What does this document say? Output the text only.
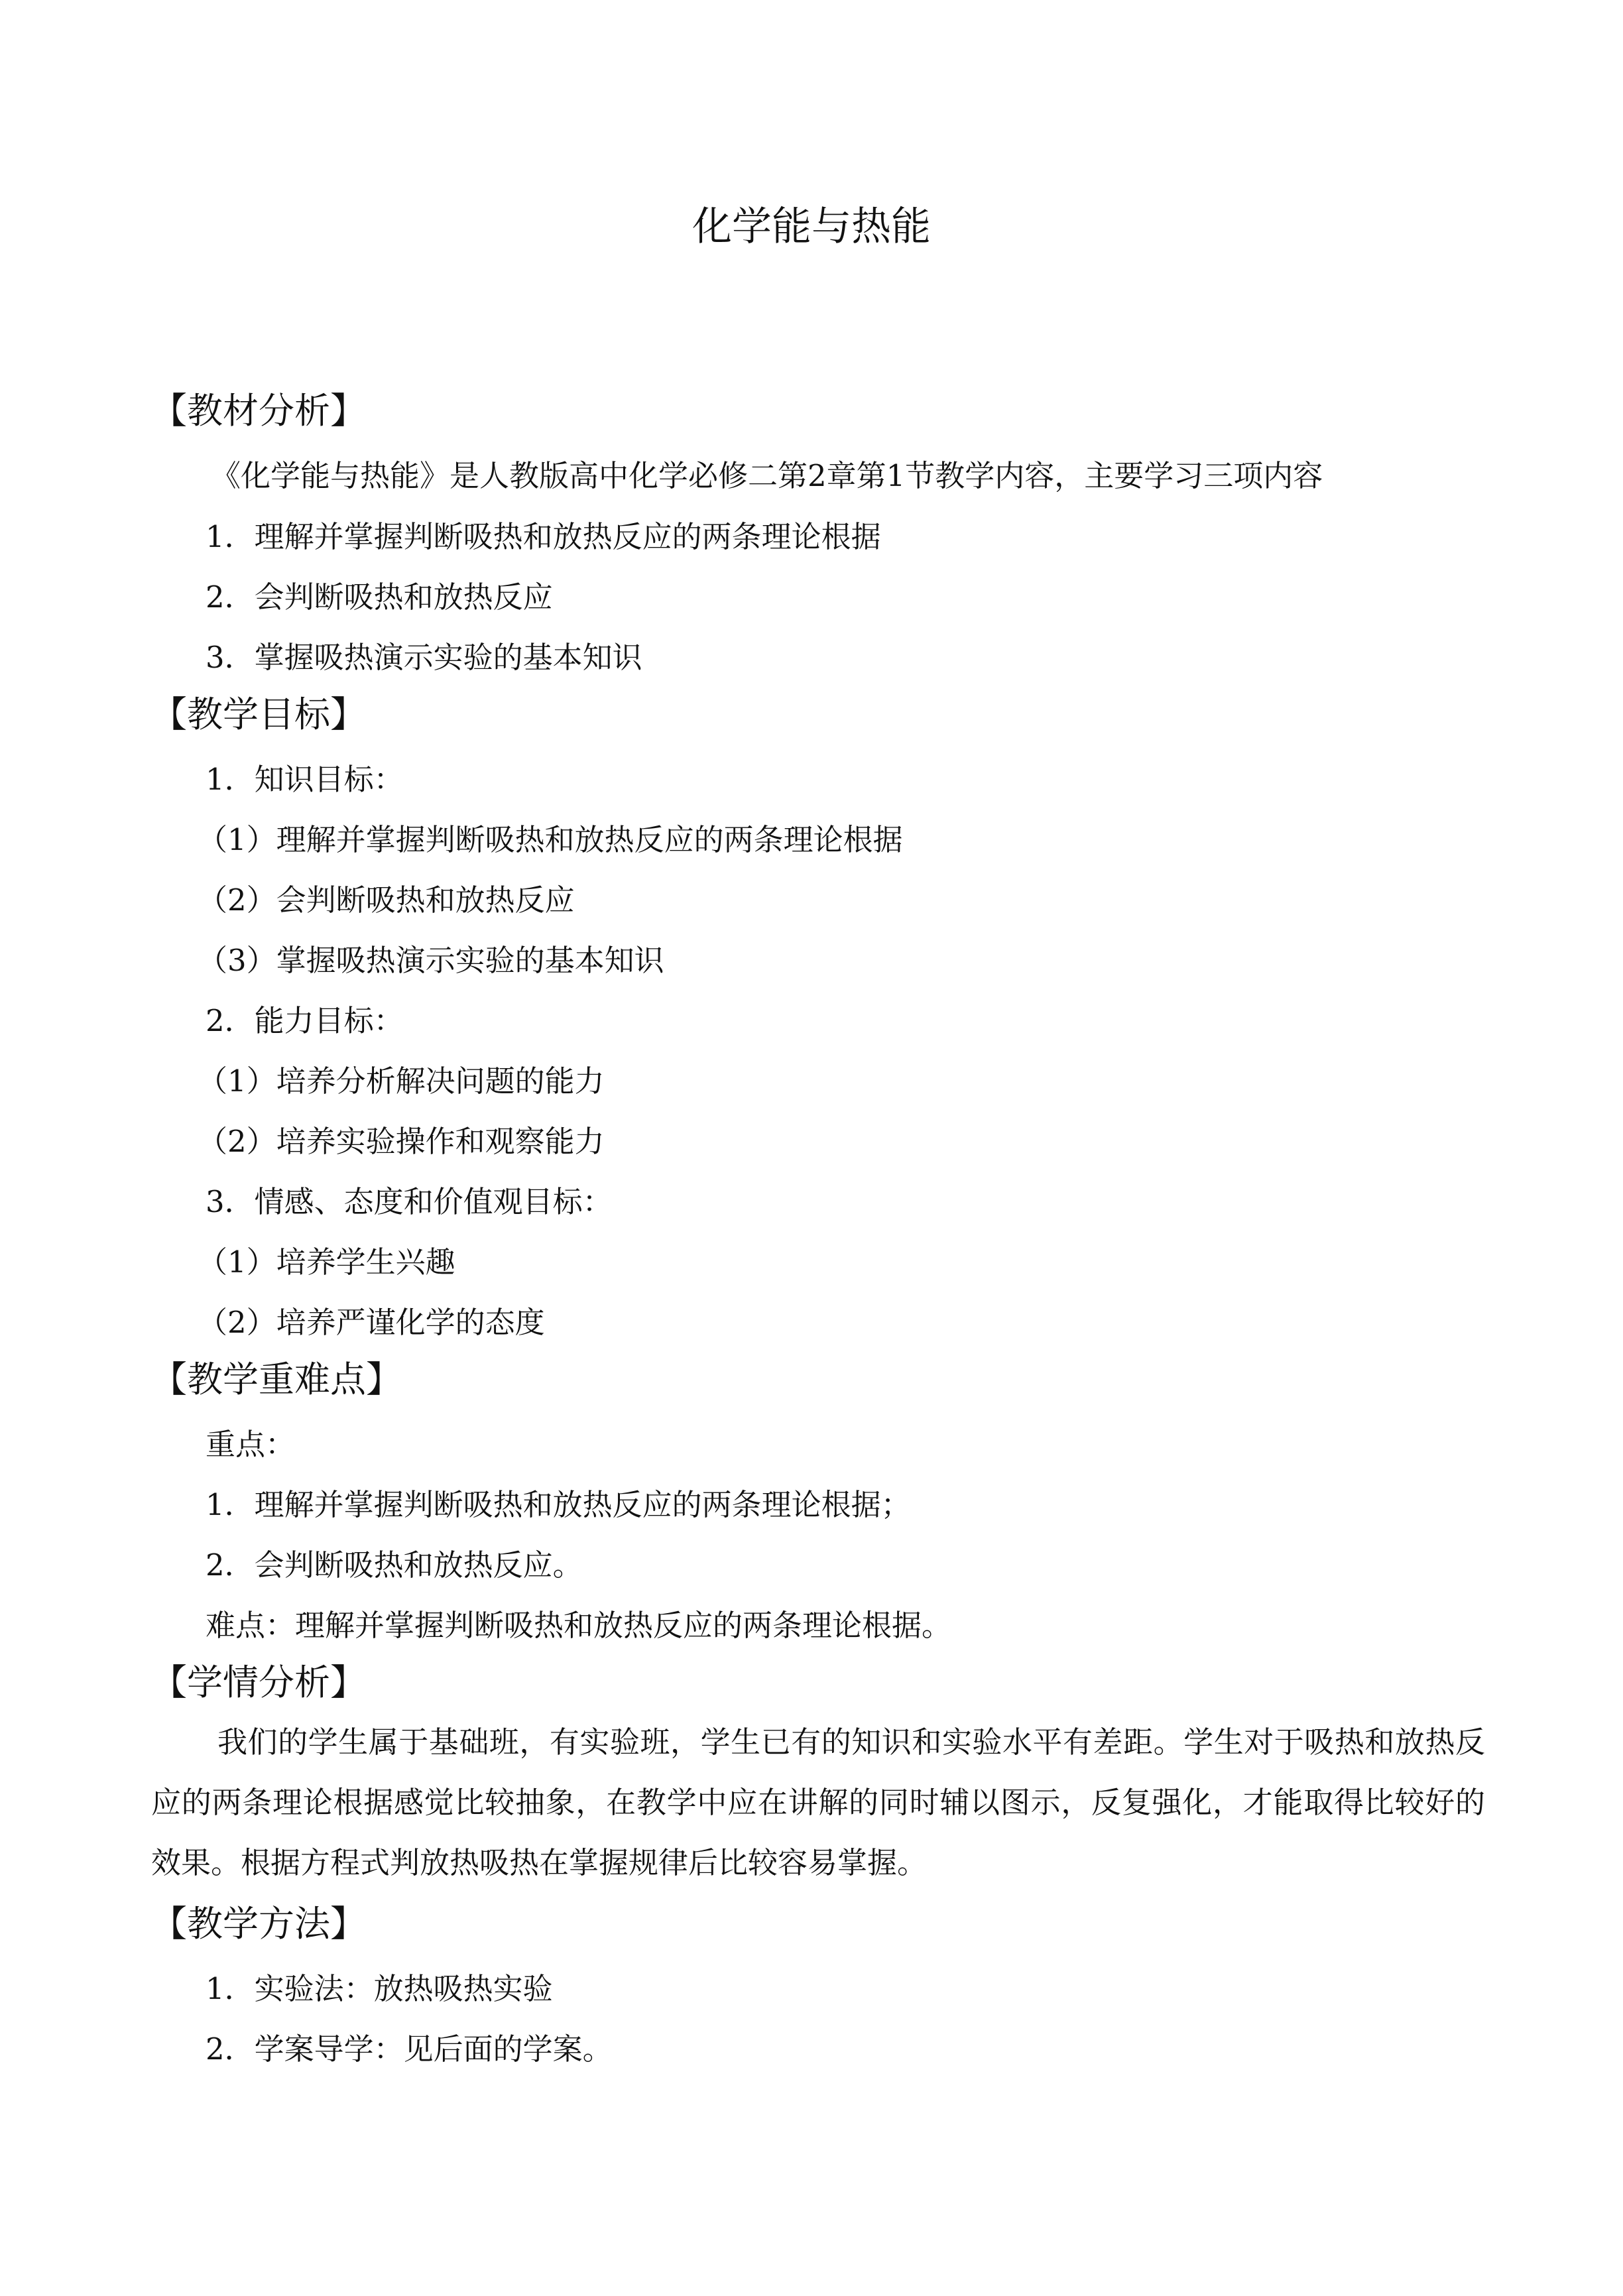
化学能与热能
【教材分析】
《化学能与热能》是人教版高中化学必修二第2章第1节教学内容，主要学习三项内容
1．理解并掌握判断吸热和放热反应的两条理论根据
2．会判断吸热和放热反应
3．掌握吸热演示实验的基本知识
【教学目标】
1．知识目标：
（1）理解并掌握判断吸热和放热反应的两条理论根据
（2）会判断吸热和放热反应
（3）掌握吸热演示实验的基本知识
2．能力目标：
（1）培养分析解决问题的能力
（2）培养实验操作和观察能力
3．情感、态度和价值观目标：
（1）培养学生兴趣
（2）培养严谨化学的态度
【教学重难点】
重点：
1．理解并掌握判断吸热和放热反应的两条理论根据；
2．会判断吸热和放热反应。
难点：理解并掌握判断吸热和放热反应的两条理论根据。
【学情分析】
我们的学生属于基础班，有实验班，学生已有的知识和实验水平有差距。学生对于吸热和放热反应的两条理论根据感觉比较抽象，在教学中应在讲解的同时辅以图示，反复强化，才能取得比较好的效果。根据方程式判放热吸热在掌握规律后比较容易掌握。
【教学方法】
1．实验法：放热吸热实验
2．学案导学：见后面的学案。
